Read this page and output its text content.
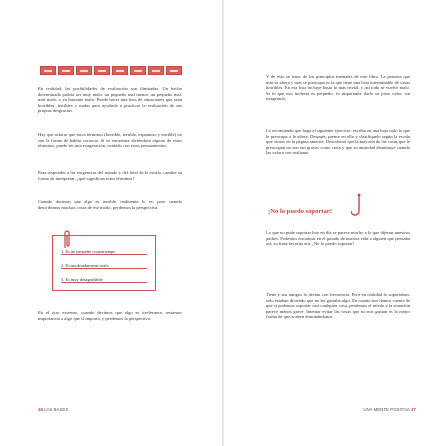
En realidad, las posibilidades de evaluación son ilimitadas. Un hecho determinado podría ser muy malo, un pequeño mal menor, un pequeño mal, más malo, o ya bastante malo. Puede hacer una lista de situaciones que sean horribles, terribles y malas para ayudarle a practicar la evaluación de sus propias desgracias.

Hay que aclarar que estos términos (horrible, terrible, espantoso y terrible) no son la forma de hablar correcta. Si se encuentra diciéndose alguno de estos términos, puede ser una exageración, cuidado con estos pensamientos.

Para responder a las exigencias del mundo y del final de la escala, cambie su forma de interpretar, ¿qué significan estos términos?

Cuando decimos que algo es terrible, realmente lo es; pero cuando describimos muchas cosas de ese modo, perdemos la perspectiva.

1. Es un pequeño contratiempo
2. Es moderadamente malo
3. Es muy desagradable

En el otro extremo, cuando decimos que algo es irrelevante, restamos importancia a algo que sí importa, y perdemos la perspectiva.

36 LAS BASES

Y de esto se trata: de los principios mentales de este libro. La persona que más se altera y más se preocupa es la que tiene una lista interminable de cosas horribles. En esa lista incluye hasta lo más trivial, y así todo se vuelve malo. Si lo que nos molesta es pequeño, es importante darle su justo valor, sin exagerarlo.

Le recomiendo que haga el siguiente ejercicio: escriba en una hoja todo lo que le preocupa o le altera. Después, piense en ello y clasifíquelo según la escala que vimos en la página anterior. Descubrirá que la mayoría de las cosas que le preocupan no son tan graves como creía y que su ansiedad disminuye cuando las valora con realismo.

¡No lo puedo soportar!

Lo que no pude soportar hoy en día se parece mucho a lo que dijeron nuestros padres. Podemos encontrar en el pasado de nuestra vida a alguien que pensaba así; su frase favorita era: ¡No lo puedo soportar!

Tiene y sus amigos lo decían con frecuencia. Pero en realidad lo soportaban; sólo estaban diciendo que no les gustaba algo. En cuanto nos damos cuenta de que sí podemos soportar casi cualquier cosa, perdemos el miedo y la situación parece menos grave. Intentar evitar las cosas que no nos gustan es la mejor forma de que acaben dominándonos.

UNA MENTE POSITIVA 37
